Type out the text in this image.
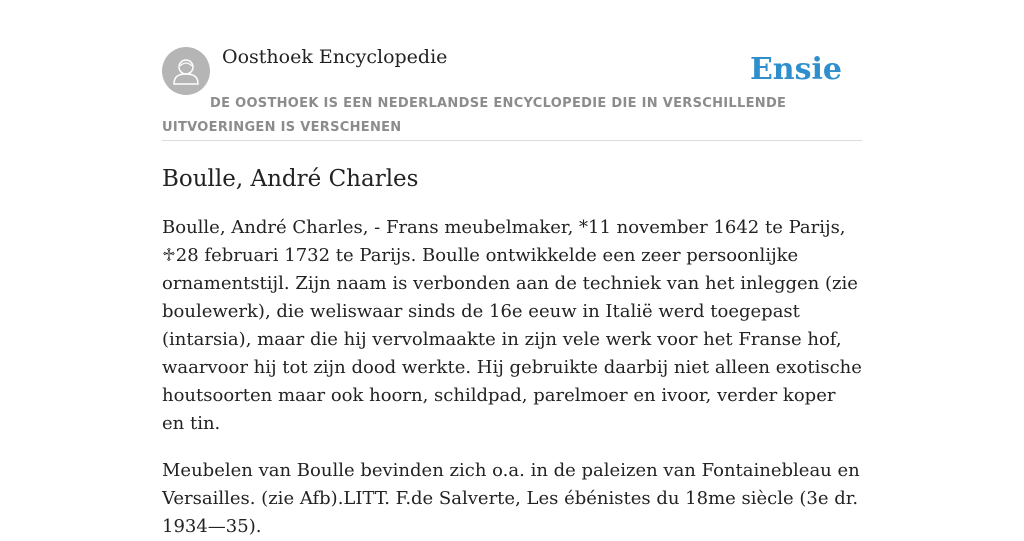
Oosthoek Encyclopedie	Ensie
DE OOSTHOEK IS EEN NEDERLANDSE ENCYCLOPEDIE DIE IN VERSCHILLENDE UITVOERINGEN IS VERSCHENEN
Boulle, André Charles

Boulle, André Charles, - Frans meubelmaker, *11 november 1642 te Parijs, ♱28 februari 1732 te Parijs. Boulle ontwikkelde een zeer persoonlijke ornamentstijl. Zijn naam is verbonden aan de techniek van het inleggen (zie boulewerk), die weliswaar sinds de 16e eeuw in Italië werd toegepast (intarsia), maar die hij vervolmaakte in zijn vele werk voor het Franse hof, waarvoor hij tot zijn dood werkte. Hij gebruikte daarbij niet alleen exotische houtsoorten maar ook hoorn, schildpad, parelmoer en ivoor, verder koper en tin.

Meubelen van Boulle bevinden zich o.a. in de paleizen van Fontainebleau en Versailles. (zie Afb).LITT. F.de Salverte, Les ébénistes du 18me siècle (3e dr. 1934—35).
